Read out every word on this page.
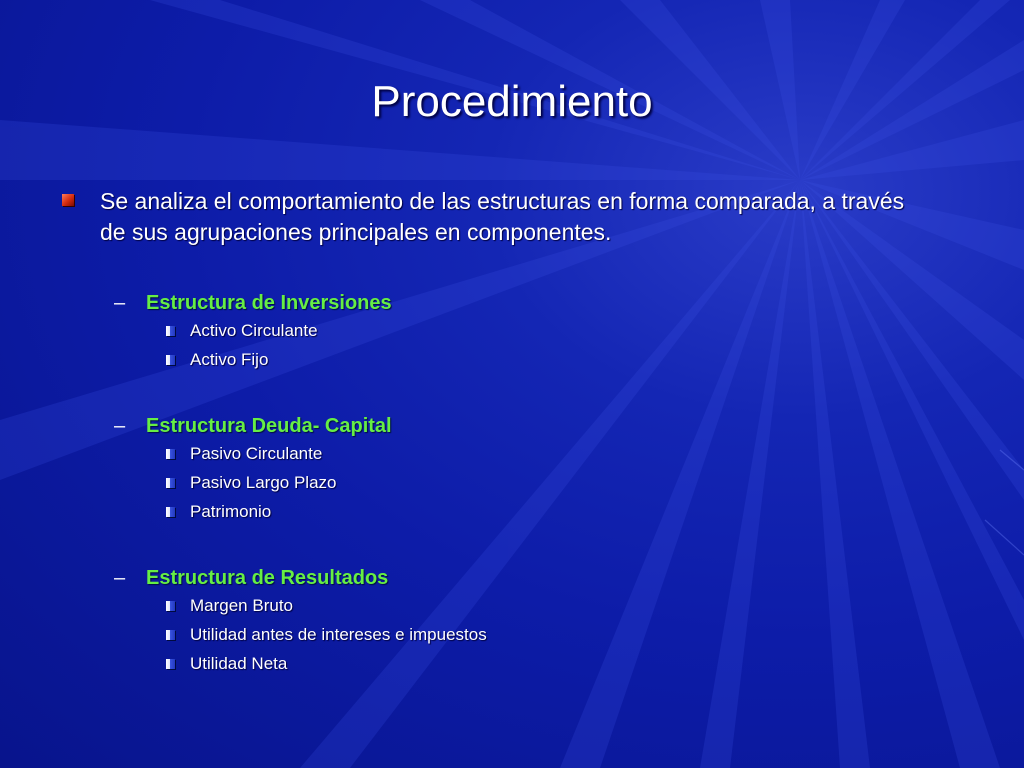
Procedimiento
Se analiza el comportamiento de las estructuras en forma comparada, a través de sus agrupaciones principales en componentes.
– Estructura de Inversiones
Activo Circulante
Activo Fijo
– Estructura Deuda- Capital
Pasivo Circulante
Pasivo Largo Plazo
Patrimonio
– Estructura de Resultados
Margen Bruto
Utilidad antes de intereses e impuestos
Utilidad Neta
